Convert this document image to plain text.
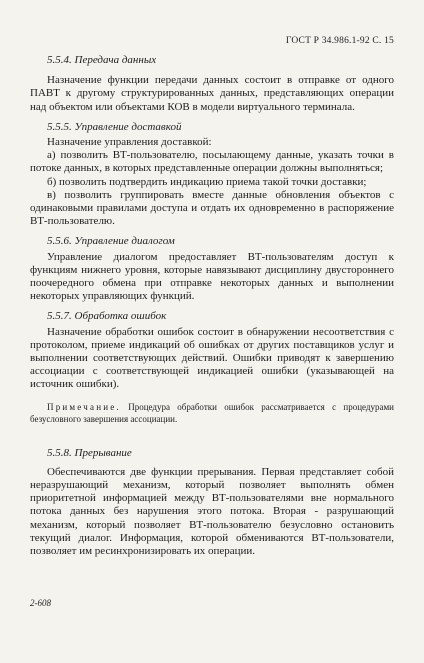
ГОСТ Р 34.986.1-92 С. 15

5.5.4. Передача данных

Назначение функции передачи данных состоит в отправке от одного ПАВТ к другому структурированных данных, представляющих операции над объектом или объектами КОВ в модели виртуального терминала.

5.5.5. Управление доставкой

Назначение управления доставкой:

а) позволить ВТ-пользователю, посылающему данные, указать точки в потоке данных, в которых представленные операции должны выполняться;

б) позволить подтвердить индикацию приема такой точки доставки;

в) позволить группировать вместе данные обновления объектов с одинаковыми правилами доступа и отдать их одновременно в распоряжение ВТ-пользователю.

5.5.6. Управление диалогом

Управление диалогом предоставляет ВТ-пользователям доступ к функциям нижнего уровня, которые навязывают дисциплину двустороннего поочередного обмена при отправке некоторых данных и выполнении некоторых управляющих функций.

5.5.7. Обработка ошибок

Назначение обработки ошибок состоит в обнаружении несоответствия с протоколом, приеме индикаций об ошибках от других поставщиков услуг и выполнении соответствующих действий. Ошибки приводят к завершению ассоциации с соответствующей индикацией ошибки (указывающей на источник ошибки).

Примечание. Процедура обработки ошибок рассматривается с процедурами безусловного завершения ассоциации.

5.5.8. Прерывание

Обеспечиваются две функции прерывания. Первая представляет собой неразрушающий механизм, который позволяет выполнять обмен приоритетной информацией между ВТ-пользователями вне нормального потока данных без нарушения этого потока. Вторая - разрушающий механизм, который позволяет ВТ-пользователю безусловно остановить текущий диалог. Информация, которой обмениваются ВТ-пользователи, позволяет им ресинхронизировать их операции.

2-608
